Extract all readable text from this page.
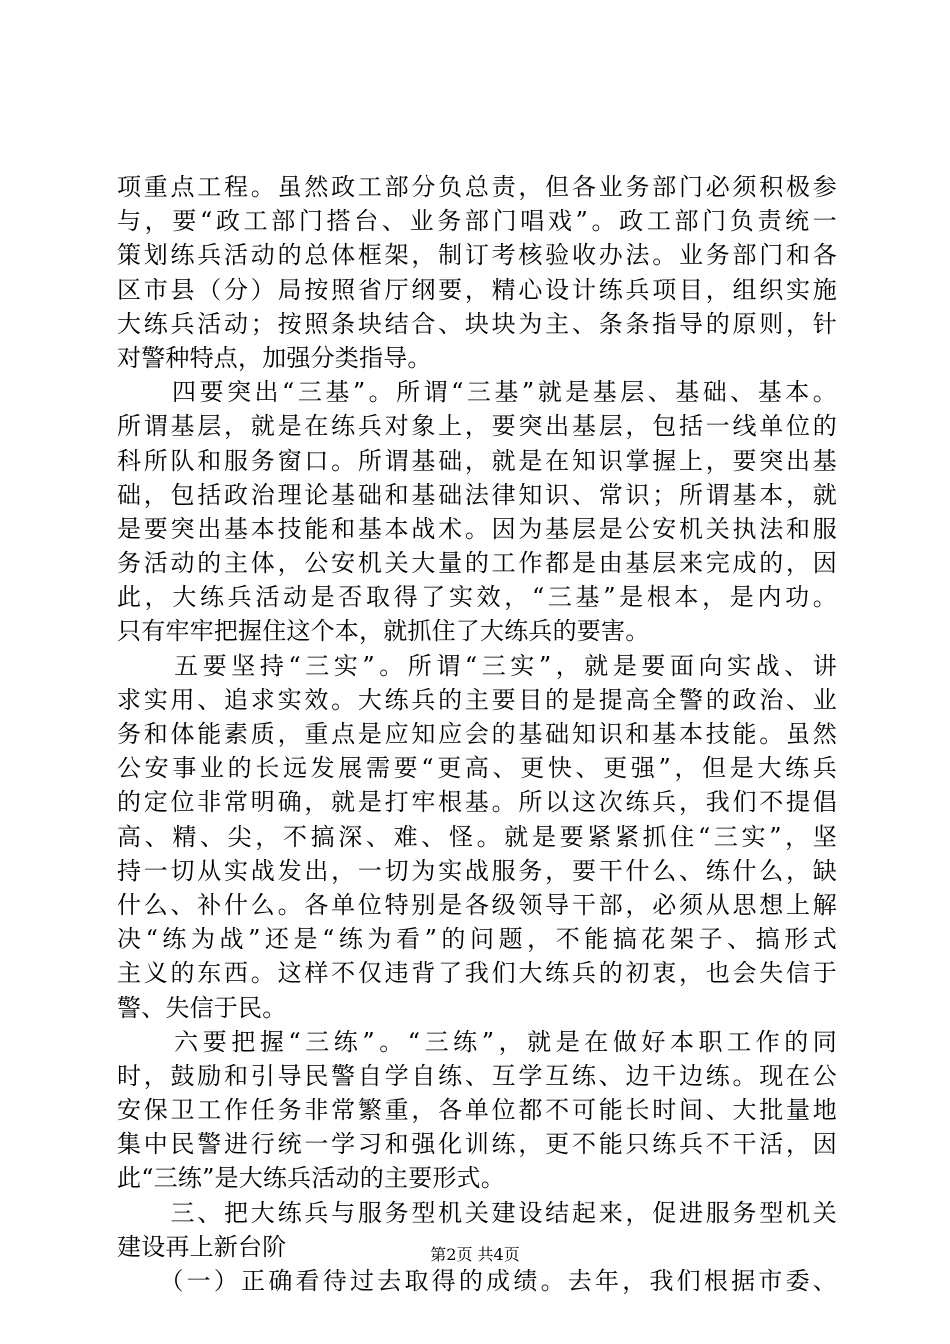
项重点工程。虽然政工部分负总责，但各业务部门必须积极参
与，要“政工部门搭台、业务部门唱戏”。政工部门负责统一
策划练兵活动的总体框架，制订考核验收办法。业务部门和各
区市县（分）局按照省厅纲要，精心设计练兵项目，组织实施
大练兵活动；按照条块结合、块块为主、条条指导的原则，针
对警种特点，加强分类指导。
　　四要突出“三基”。所谓“三基”就是基层、基础、基本。
所谓基层，就是在练兵对象上，要突出基层，包括一线单位的
科所队和服务窗口。所谓基础，就是在知识掌握上，要突出基
础，包括政治理论基础和基础法律知识、常识；所谓基本，就
是要突出基本技能和基本战术。因为基层是公安机关执法和服
务活动的主体，公安机关大量的工作都是由基层来完成的，因
此，大练兵活动是否取得了实效，“三基”是根本，是内功。
只有牢牢把握住这个本，就抓住了大练兵的要害。
　　五要坚持“三实”。所谓“三实”，就是要面向实战、讲
求实用、追求实效。大练兵的主要目的是提高全警的政治、业
务和体能素质，重点是应知应会的基础知识和基本技能。虽然
公安事业的长远发展需要“更高、更快、更强”，但是大练兵
的定位非常明确，就是打牢根基。所以这次练兵，我们不提倡
高、精、尖，不搞深、难、怪。就是要紧紧抓住“三实”，坚
持一切从实战发出，一切为实战服务，要干什么、练什么，缺
什么、补什么。各单位特别是各级领导干部，必须从思想上解
决“练为战”还是“练为看”的问题，不能搞花架子、搞形式
主义的东西。这样不仅违背了我们大练兵的初衷，也会失信于
警、失信于民。
　　六要把握“三练”。“三练”，就是在做好本职工作的同
时，鼓励和引导民警自学自练、互学互练、边干边练。现在公
安保卫工作任务非常繁重，各单位都不可能长时间、大批量地
集中民警进行统一学习和强化训练，更不能只练兵不干活，因
此“三练”是大练兵活动的主要形式。
　　三、把大练兵与服务型机关建设结起来，促进服务型机关
建设再上新台阶
　　（一）正确看待过去取得的成绩。去年，我们根据市委、
第2页 共4页
